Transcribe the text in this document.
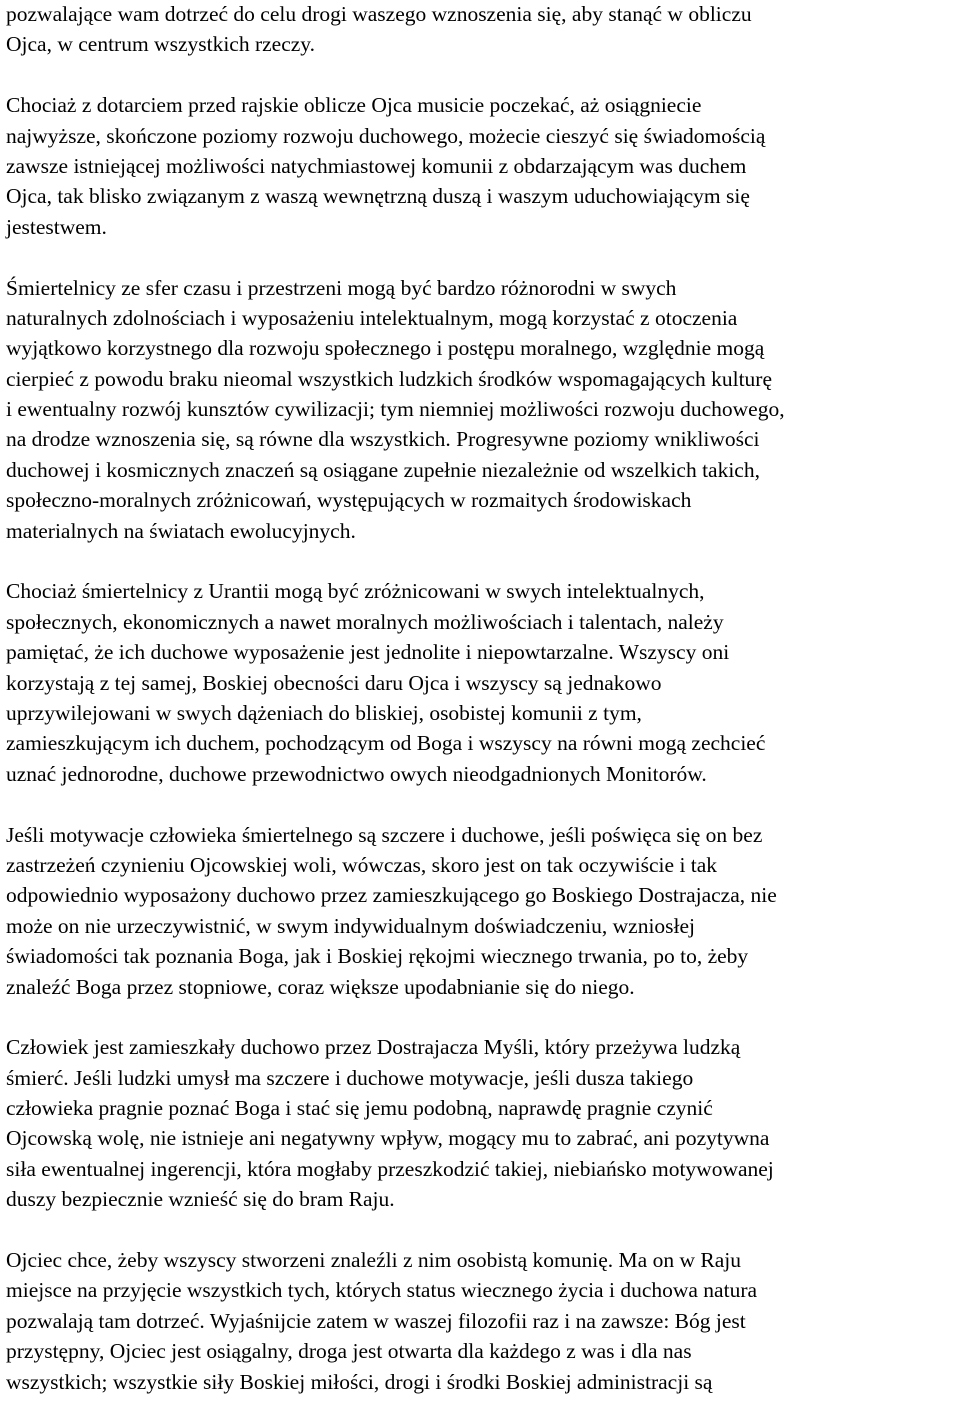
pozwalające wam dotrzeć do celu drogi waszego wznoszenia się, aby stanąć w obliczu
Ojca, w centrum wszystkich rzeczy.

Chociaż z dotarciem przed rajskie oblicze Ojca musicie poczekać, aż osiągniecie
najwyższe, skończone poziomy rozwoju duchowego, możecie cieszyć się świadomością
zawsze istniejącej możliwości natychmiastowej komunii z obdarzającym was duchem
Ojca, tak blisko związanym z waszą wewnętrzną duszą i waszym uduchowiającym się
jestestwem.

Śmiertelnicy ze sfer czasu i przestrzeni mogą być bardzo różnorodni w swych
naturalnych zdolnościach i wyposażeniu intelektualnym, mogą korzystać z otoczenia
wyjątkowo korzystnego dla rozwoju społecznego i postępu moralnego, względnie mogą
cierpieć z powodu braku nieomal wszystkich ludzkich środków wspomagających kulturę
i ewentualny rozwój kunsztów cywilizacji; tym niemniej możliwości rozwoju duchowego,
na drodze wznoszenia się, są równe dla wszystkich. Progresywne poziomy wnikliwości
duchowej i kosmicznych znaczeń są osiągane zupełnie niezależnie od wszelkich takich,
społeczno-moralnych zróżnicowań, występujących w rozmaitych środowiskach
materialnych na światach ewolucyjnych.

Chociaż śmiertelnicy z Urantii mogą być zróżnicowani w swych intelektualnych,
społecznych, ekonomicznych a nawet moralnych możliwościach i talentach, należy
pamiętać, że ich duchowe wyposażenie jest jednolite i niepowtarzalne. Wszyscy oni
korzystają z tej samej, Boskiej obecności daru Ojca i wszyscy są jednakowo
uprzywilejowani w swych dążeniach do bliskiej, osobistej komunii z tym,
zamieszkującym ich duchem, pochodzącym od Boga i wszyscy na równi mogą zechcieć
uznać jednorodne, duchowe przewodnictwo owych nieodgadnionych Monitorów.

Jeśli motywacje człowieka śmiertelnego są szczere i duchowe, jeśli poświęca się on bez
zastrzeżeń czynieniu Ojcowskiej woli, wówczas, skoro jest on tak oczywiście i tak
odpowiednio wyposażony duchowo przez zamieszkującego go Boskiego Dostrajacza, nie
może on nie urzeczywistnić, w swym indywidualnym doświadczeniu, wzniosłej
świadomości tak poznania Boga, jak i Boskiej rękojmi wiecznego trwania, po to, żeby
znaleźć Boga przez stopniowe, coraz większe upodabnianie się do niego.

Człowiek jest zamieszkały duchowo przez Dostrajacza Myśli, który przeżywa ludzką
śmierć. Jeśli ludzki umysł ma szczere i duchowe motywacje, jeśli dusza takiego
człowieka pragnie poznać Boga i stać się jemu podobną, naprawdę pragnie czynić
Ojcowską wolę, nie istnieje ani negatywny wpływ, mogący mu to zabrać, ani pozytywna
siła ewentualnej ingerencji, która mogłaby przeszkodzić takiej, niebiańsko motywowanej
duszy bezpiecznie wznieść się do bram Raju.

Ojciec chce, żeby wszyscy stworzeni znaleźli z nim osobistą komunię. Ma on w Raju
miejsce na przyjęcie wszystkich tych, których status wiecznego życia i duchowa natura
pozwalają tam dotrzeć. Wyjaśnijcie zatem w waszej filozofii raz i na zawsze: Bóg jest
przystępny, Ojciec jest osiągalny, droga jest otwarta dla każdego z was i dla nas
wszystkich; wszystkie siły Boskiej miłości, drogi i środki Boskiej administracji są
